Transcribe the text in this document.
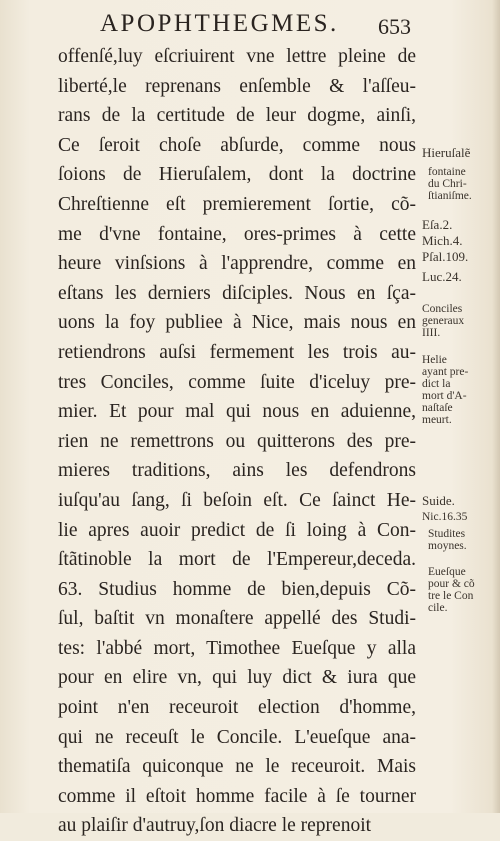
APOPHTHEGMES. 653
offenſé,luy eſcriuirent vne lettre pleine de
liberté,le reprenans enſemble & l'aſſeu-
rans de la certitude de leur dogme, ainſi,
Ce ſeroit choſe abſurde, comme nous
ſoions de Hieruſalem, dont la doctrine
Chreſtienne eſt premierement ſortie, cõ-
me d'vne fontaine, ores-primes à cette
heure vinſsions à l'apprendre, comme en
eſtans les derniers diſciples. Nous en ſça-
uons la foy publiee à Nice, mais nous en
retiendrons auſsi fermement les trois au-
tres Conciles, comme ſuite d'iceluy pre-
mier. Et pour mal qui nous en aduienne,
rien ne remettrons ou quitterons des pre-
mieres traditions, ains les defendrons
iuſqu'au ſang, ſi beſoin eſt. Ce ſainct He-
lie apres auoir predict de ſi loing à Con-
ſtãtinoble la mort de l'Empereur,deceda.
63. Studius homme de bien,depuis Cõ-
ſul, baſtit vn monaſtere appellé des Studi-
tes: l'abbé mort, Timothee Eueſque y alla
pour en elire vn, qui luy dict & iura que
point n'en receuroit election d'homme,
qui ne receuſt le Concile. L'eueſque ana-
thematiſa quiconque ne le receuroit. Mais
comme il eſtoit homme facile à ſe tourner
au plaiſir d'autruy,ſon diacre le reprenoit
Hieruſalẽ
fontaine
du Chri-
ſtianiſme.
Eſa.2.
Mich.4.
Pſal.109.
Luc.24.
Conciles
generaux
IIII.
Helie
ayant pre-
dict la
mort d'A-
naſtaſe
meurt.
Suide.
Nic.16.35
Studites
moynes.
Eueſque
pour & cõ
tre le Con
cile.
